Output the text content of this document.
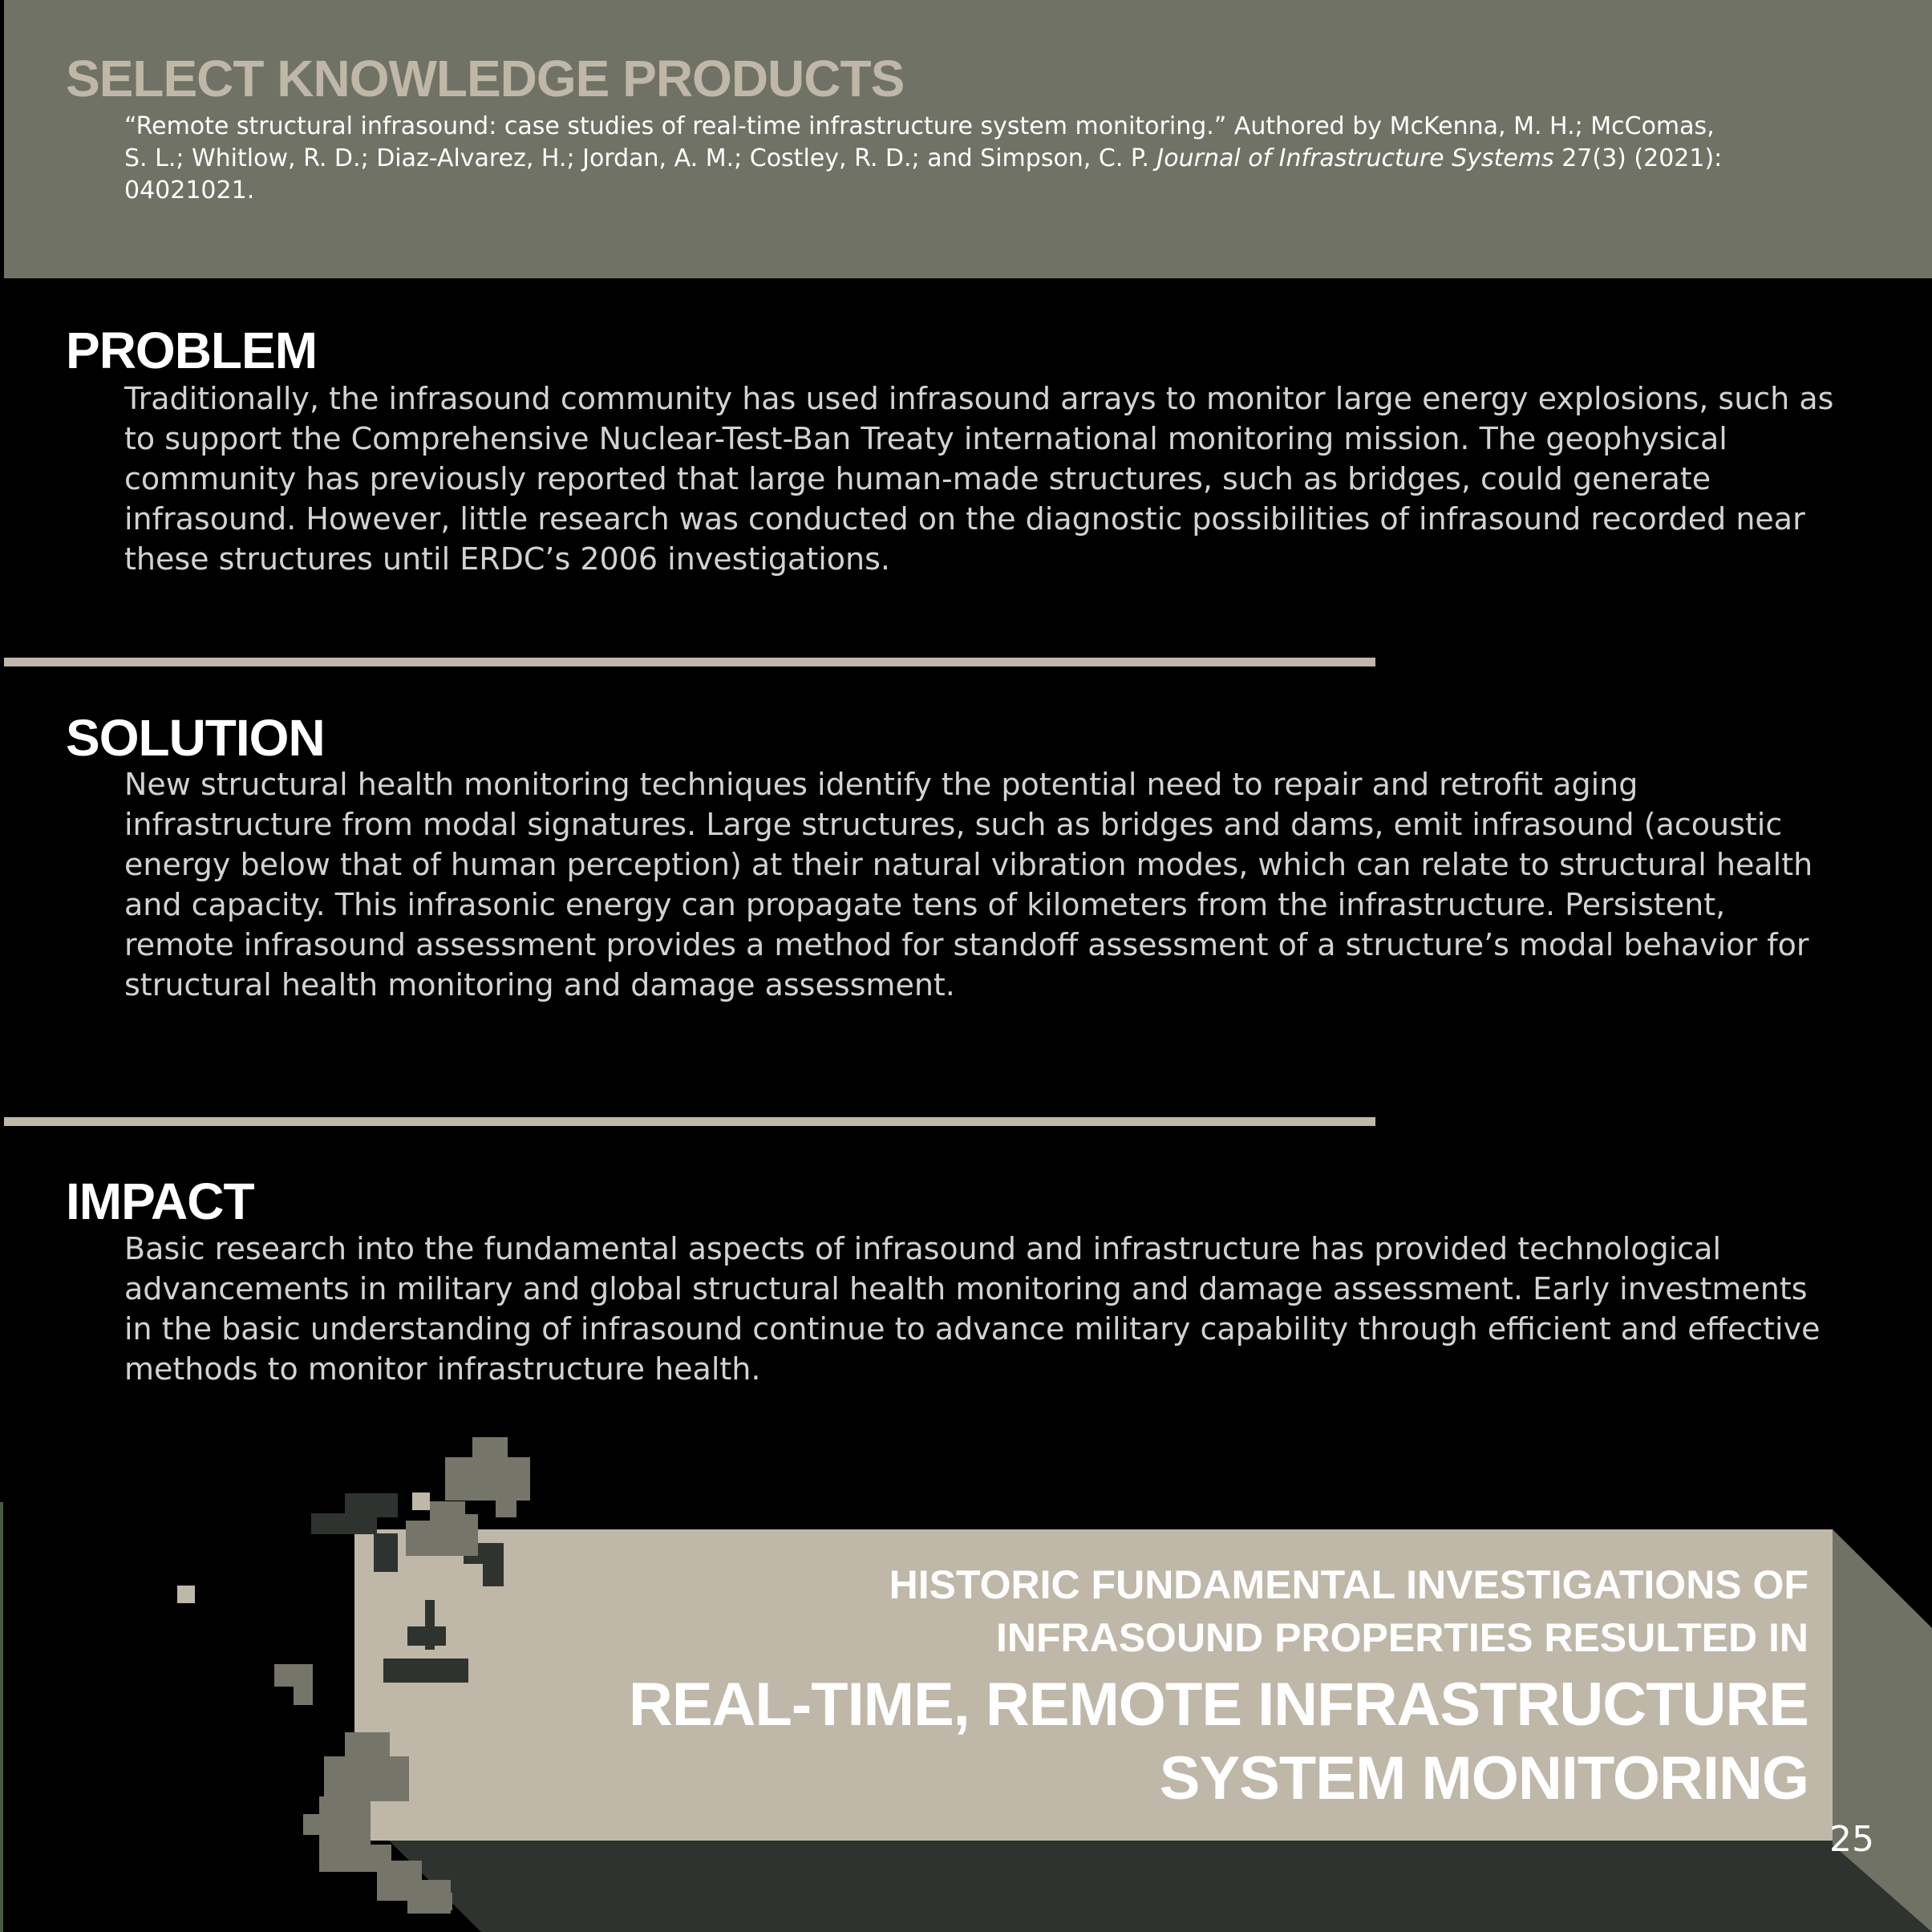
SELECT KNOWLEDGE PRODUCTS

“Remote structural infrasound: case studies of real-time infrastructure system monitoring.” Authored by McKenna, M. H.; McComas, S. L.; Whitlow, R. D.; Diaz-Alvarez, H.; Jordan, A. M.; Costley, R. D.; and Simpson, C. P. Journal of Infrastructure Systems 27(3) (2021): 04021021.

PROBLEM

Traditionally, the infrasound community has used infrasound arrays to monitor large energy explosions, such as to support the Comprehensive Nuclear-Test-Ban Treaty international monitoring mission. The geophysical community has previously reported that large human-made structures, such as bridges, could generate infrasound. However, little research was conducted on the diagnostic possibilities of infrasound recorded near these structures until ERDC’s 2006 investigations.

SOLUTION

New structural health monitoring techniques identify the potential need to repair and retrofit aging infrastructure from modal signatures. Large structures, such as bridges and dams, emit infrasound (acoustic energy below that of human perception) at their natural vibration modes, which can relate to structural health and capacity. This infrasonic energy can propagate tens of kilometers from the infrastructure. Persistent, remote infrasound assessment provides a method for standoff assessment of a structure’s modal behavior for structural health monitoring and damage assessment.

IMPACT

Basic research into the fundamental aspects of infrasound and infrastructure has provided technological advancements in military and global structural health monitoring and damage assessment. Early investments in the basic understanding of infrasound continue to advance military capability through efficient and effective methods to monitor infrastructure health.

HISTORIC FUNDAMENTAL INVESTIGATIONS OF
INFRASOUND PROPERTIES RESULTED IN

REAL-TIME, REMOTE INFRASTRUCTURE
SYSTEM MONITORING

25
